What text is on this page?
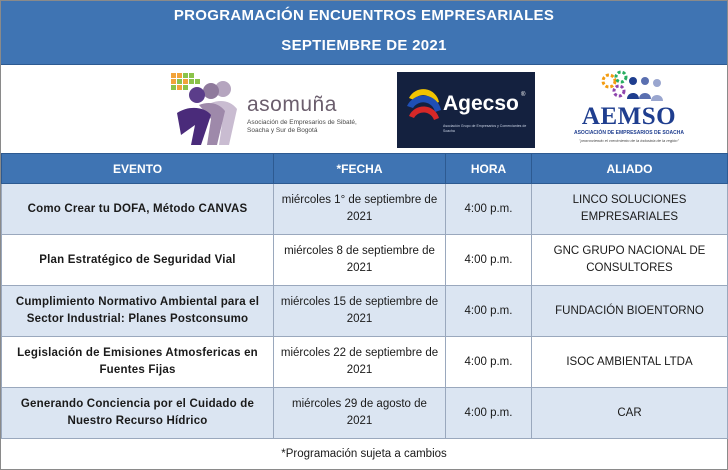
PROGRAMACIÓN ENCUENTROS EMPRESARIALES
SEPTIEMBRE DE 2021
asomuña
Asociación de Empresarios de Sibaté, Soacha y Sur de Bogotá
Agecso ®
Asociación Grupo de Empresarios y Comerciantes de Soacha
AEMSO
ASOCIACIÓN DE EMPRESARIOS DE SOACHA
"promoviendo el crecimiento de la industria de la región"
EVENTO	*FECHA	HORA	ALIADO
Como Crear tu DOFA, Método CANVAS	miércoles 1° de septiembre de 2021	4:00 p.m.	LINCO SOLUCIONES EMPRESARIALES
Plan Estratégico de Seguridad Vial	miércoles 8 de septiembre de 2021	4:00 p.m.	GNC GRUPO NACIONAL DE CONSULTORES
Cumplimiento Normativo Ambiental para el Sector Industrial: Planes Postconsumo	miércoles 15 de septiembre de 2021	4:00 p.m.	FUNDACIÓN BIOENTORNO
Legislación de Emisiones Atmosfericas en Fuentes Fijas	miércoles 22 de septiembre de 2021	4:00 p.m.	ISOC AMBIENTAL LTDA
Generando Conciencia por el Cuidado de Nuestro Recurso Hídrico	miércoles 29 de agosto de 2021	4:00 p.m.	CAR
*Programación sujeta a cambios
